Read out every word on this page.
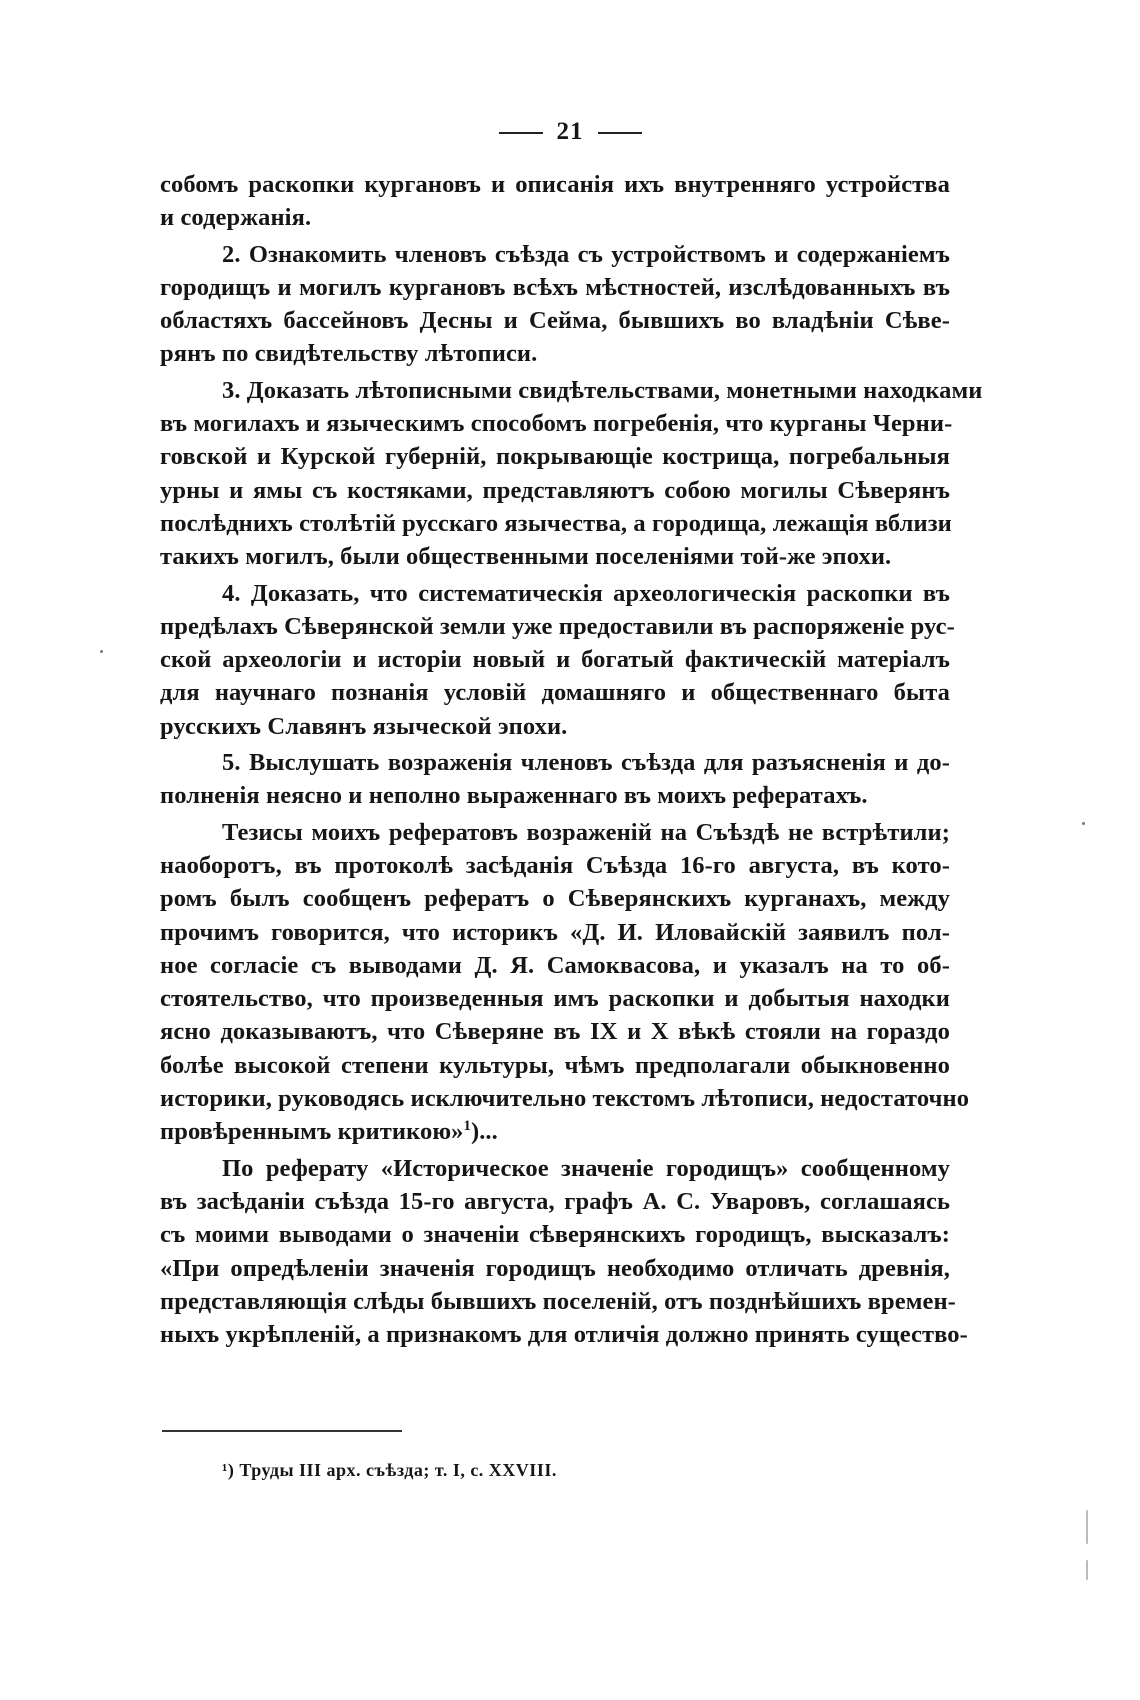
21

собомъ раскопки кургановъ и описанія ихъ внутренняго устройства

и содержанія.

2. Ознакомить членовъ съѣзда съ устройствомъ и содержаніемъ
городищъ и могилъ кургановъ всѣхъ мѣстностей, изслѣдованныхъ въ
областяхъ бассейновъ Десны и Сейма, бывшихъ во владѣніи Сѣве-

рянъ по свидѣтельству лѣтописи.

3. Доказать лѣтописными свидѣтельствами, монетными находками
въ могилахъ и языческимъ способомъ погребенія, что курганы Черни-
говской и Курской губерній, покрывающіе кострища, погребальныя
урны и ямы съ костяками, представляютъ собою могилы Сѣверянъ
послѣднихъ столѣтій русскаго язычества, а городища, лежащія вблизи

такихъ могилъ, были общественными поселеніями той-же эпохи.

4. Доказать, что систематическія археологическія раскопки въ
предѣлахъ Сѣверянской земли уже предоставили въ распоряженіе рус-
ской археологіи и исторіи новый и богатый фактическій матеріалъ
для научнаго познанія условій домашняго и общественнаго быта

русскихъ Славянъ языческой эпохи.

5. Выслушать возраженія членовъ съѣзда для разъясненія и до-

полненія неясно и неполно выраженнаго въ моихъ рефератахъ.

Тезисы моихъ рефератовъ возраженій на Съѣздѣ не встрѣтили;
наоборотъ, въ протоколѣ засѣданія Съѣзда 16-го августа, въ кото-
ромъ былъ сообщенъ рефератъ о Сѣверянскихъ курганахъ, между
прочимъ говорится, что историкъ «Д. И. Иловайскій заявилъ пол-
ное согласіе съ выводами Д. Я. Самоквасова, и указалъ на то об-
стоятельство, что произведенныя имъ раскопки и добытыя находки
ясно доказываютъ, что Сѣверяне въ IX и X вѣкѣ стояли на гораздо
болѣе высокой степени культуры, чѣмъ предполагали обыкновенно
историки, руководясь исключительно текстомъ лѣтописи, недостаточно

провѣреннымъ критикою»$^1$)...

По реферату «Историческое значеніе городищъ» сообщенному
въ засѣданіи съѣзда 15-го августа, графъ А. С. Уваровъ, соглашаясь
съ моими выводами о значеніи сѣверянскихъ городищъ, высказалъ:
«При опредѣленіи значенія городищъ необходимо отличать древнія,
представляющія слѣды бывшихъ поселеній, отъ позднѣйшихъ времен-
ныхъ укрѣпленій, а признакомъ для отличія должно принять существо-

¹) Труды III арх. съѣзда; т. I, с. XXVIII.
